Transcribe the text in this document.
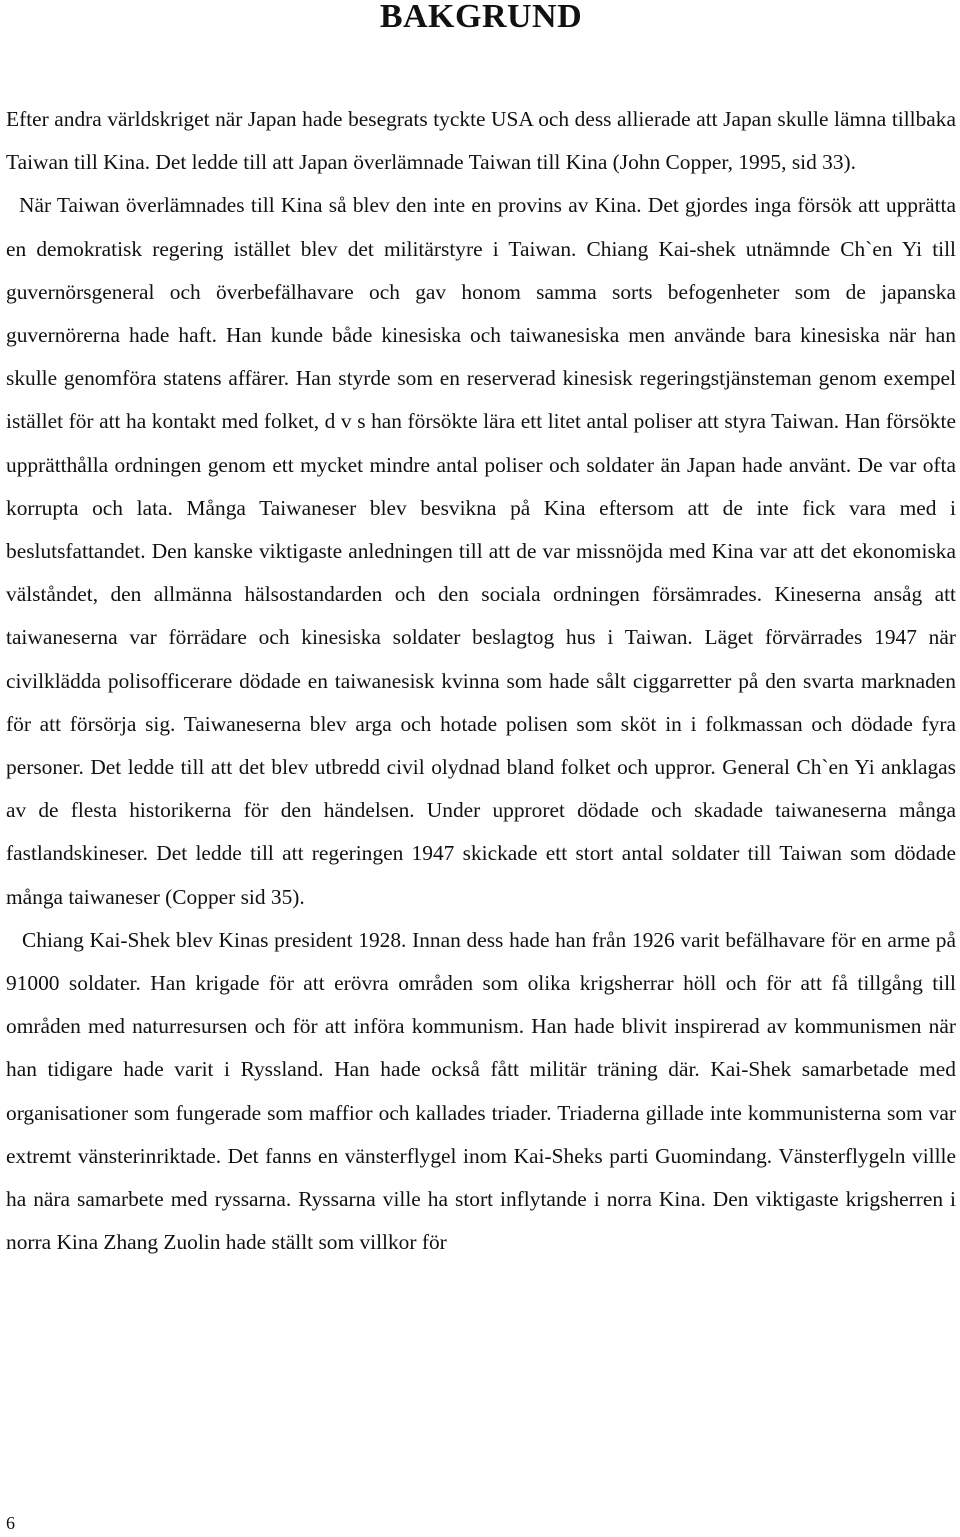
BAKGRUND

Efter andra världskriget när Japan hade besegrats tyckte USA och dess allierade att Japan skulle lämna tillbaka Taiwan till Kina. Det ledde till att Japan överlämnade Taiwan till Kina (John Copper, 1995, sid 33).

När Taiwan överlämnades till Kina så blev den inte en provins av Kina. Det gjordes inga försök att upprätta en demokratisk regering istället blev det militärstyre i Taiwan. Chiang Kai-shek utnämnde Ch`en Yi till guvernörsgeneral och överbefälhavare och gav honom samma sorts befogenheter som de japanska guvernörerna hade haft. Han kunde både kinesiska och taiwanesiska men använde bara kinesiska när han skulle genomföra statens affärer. Han styrde som en reserverad kinesisk regeringstjänsteman genom exempel istället för att ha kontakt med folket, d v s han försökte lära ett litet antal poliser att styra Taiwan. Han försökte upprätthålla ordningen genom ett mycket mindre antal poliser och soldater än Japan hade använt. De var ofta korrupta och lata. Många Taiwaneser blev besvikna på Kina eftersom att de inte fick vara med i beslutsfattandet. Den kanske viktigaste anledningen till att de var missnöjda med Kina var att det ekonomiska välståndet, den allmänna hälsostandarden och den sociala ordningen försämrades. Kineserna ansåg att taiwaneserna var förrädare och kinesiska soldater beslagtog hus i Taiwan. Läget förvärrades 1947 när civilklädda polisofficerare dödade en taiwanesisk kvinna som hade sålt ciggarretter på den svarta marknaden för att försörja sig. Taiwaneserna blev arga och hotade polisen som sköt in i folkmassan och dödade fyra personer. Det ledde till att det blev utbredd civil olydnad bland folket och uppror. General Ch`en Yi anklagas av de flesta historikerna för den händelsen. Under upproret dödade och skadade taiwaneserna många fastlandskineser. Det ledde till att regeringen 1947 skickade ett stort antal soldater till Taiwan som dödade många taiwaneser (Copper sid 35).

Chiang Kai-Shek blev Kinas president 1928. Innan dess hade han från 1926 varit befälhavare för en arme på 91000 soldater. Han krigade för att erövra områden som olika krigsherrar höll och för att få tillgång till områden med naturresursen och för att införa kommunism. Han hade blivit inspirerad av kommunismen när han tidigare hade varit i Ryssland. Han hade också fått militär träning där. Kai-Shek samarbetade med organisationer som fungerade som maffior och kallades triader. Triaderna gillade inte kommunisterna som var extremt vänsterinriktade. Det fanns en vänsterflygel inom Kai-Sheks parti Guomindang. Vänsterflygeln villle ha nära samarbete med ryssarna. Ryssarna ville ha stort inflytande i norra Kina. Den viktigaste krigsherren i norra Kina Zhang Zuolin hade ställt som villkor för

6
